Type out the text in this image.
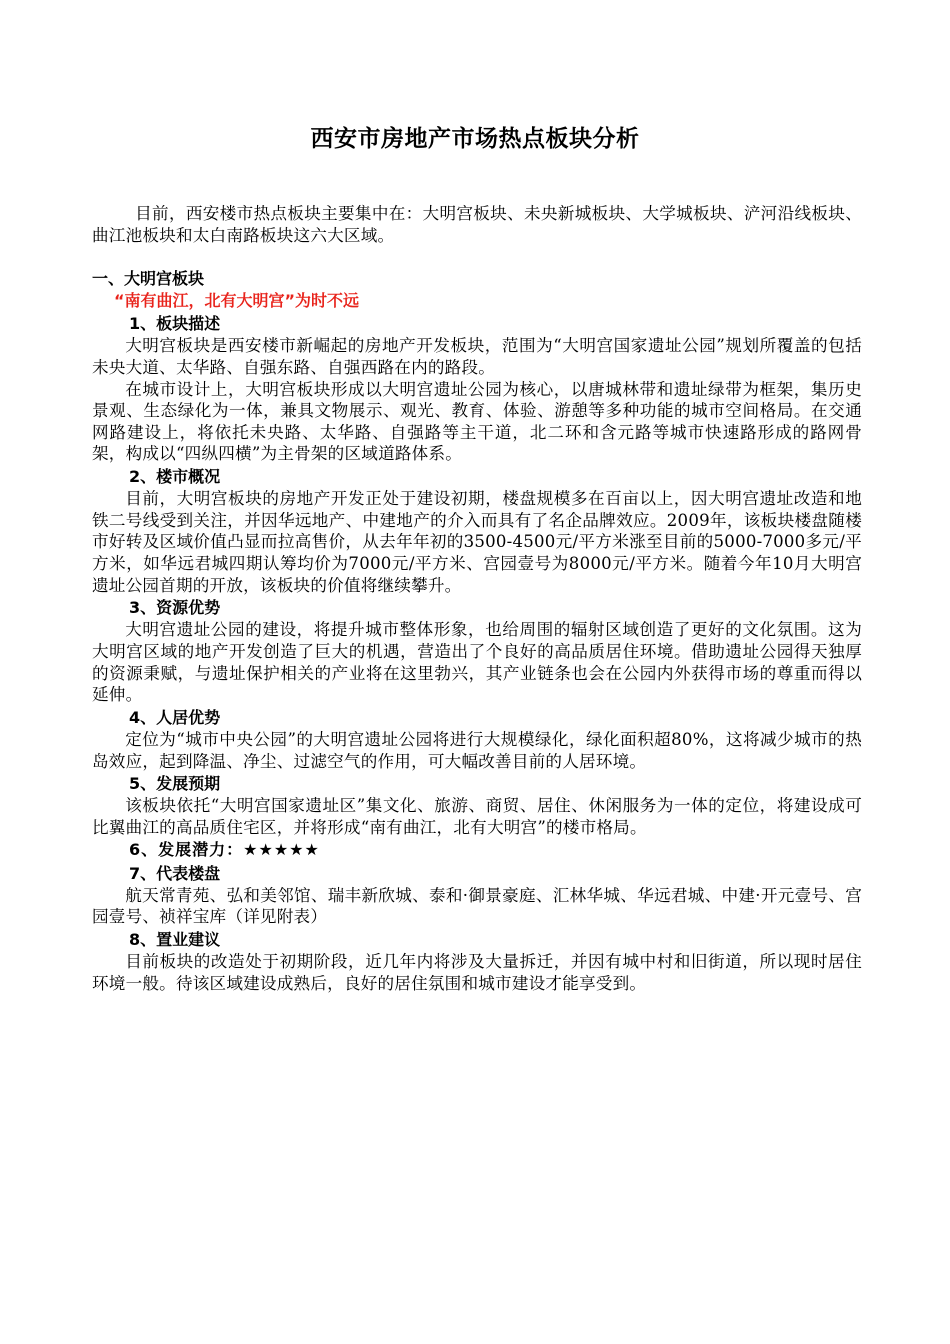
西安市房地产市场热点板块分析

目前，西安楼市热点板块主要集中在：大明宫板块、未央新城板块、大学城板块、浐河沿线板块、曲江池板块和太白南路板块这六大区域。

一、大明宫板块

“南有曲江，北有大明宫”为时不远

1、板块描述

大明宫板块是西安楼市新崛起的房地产开发板块，范围为“大明宫国家遗址公园”规划所覆盖的包括未央大道、太华路、自强东路、自强西路在内的路段。

在城市设计上，大明宫板块形成以大明宫遗址公园为核心，以唐城林带和遗址绿带为框架，集历史景观、生态绿化为一体，兼具文物展示、观光、教育、体验、游憩等多种功能的城市空间格局。在交通网路建设上，将依托未央路、太华路、自强路等主干道，北二环和含元路等城市快速路形成的路网骨架，构成以“四纵四横”为主骨架的区域道路体系。

2、楼市概况

目前，大明宫板块的房地产开发正处于建设初期，楼盘规模多在百亩以上，因大明宫遗址改造和地铁二号线受到关注，并因华远地产、中建地产的介入而具有了名企品牌效应。2009年，该板块楼盘随楼市好转及区域价值凸显而拉高售价，从去年年初的3500-4500元/平方米涨至目前的5000-7000多元/平方米，如华远君城四期认筹均价为7000元/平方米、宫园壹号为8000元/平方米。随着今年10月大明宫遗址公园首期的开放，该板块的价值将继续攀升。

3、资源优势

大明宫遗址公园的建设，将提升城市整体形象，也给周围的辐射区域创造了更好的文化氛围。这为大明宫区域的地产开发创造了巨大的机遇，营造出了个良好的高品质居住环境。借助遗址公园得天独厚的资源秉赋，与遗址保护相关的产业将在这里勃兴，其产业链条也会在公园内外获得市场的尊重而得以延伸。

4、人居优势

定位为“城市中央公园”的大明宫遗址公园将进行大规模绿化，绿化面积超80%，这将减少城市的热岛效应，起到降温、净尘、过滤空气的作用，可大幅改善目前的人居环境。

5、发展预期

该板块依托“大明宫国家遗址区”集文化、旅游、商贸、居住、休闲服务为一体的定位，将建设成可比翼曲江的高品质住宅区，并将形成“南有曲江，北有大明宫”的楼市格局。

6、发展潜力：★★★★★

7、代表楼盘

航天常青苑、弘和美邻馆、瑞丰新欣城、泰和·御景豪庭、汇林华城、华远君城、中建·开元壹号、宫园壹号、祯祥宝库（详见附表）

8、置业建议

目前板块的改造处于初期阶段，近几年内将涉及大量拆迁，并因有城中村和旧街道，所以现时居住环境一般。待该区域建设成熟后，良好的居住氛围和城市建设才能享受到。
